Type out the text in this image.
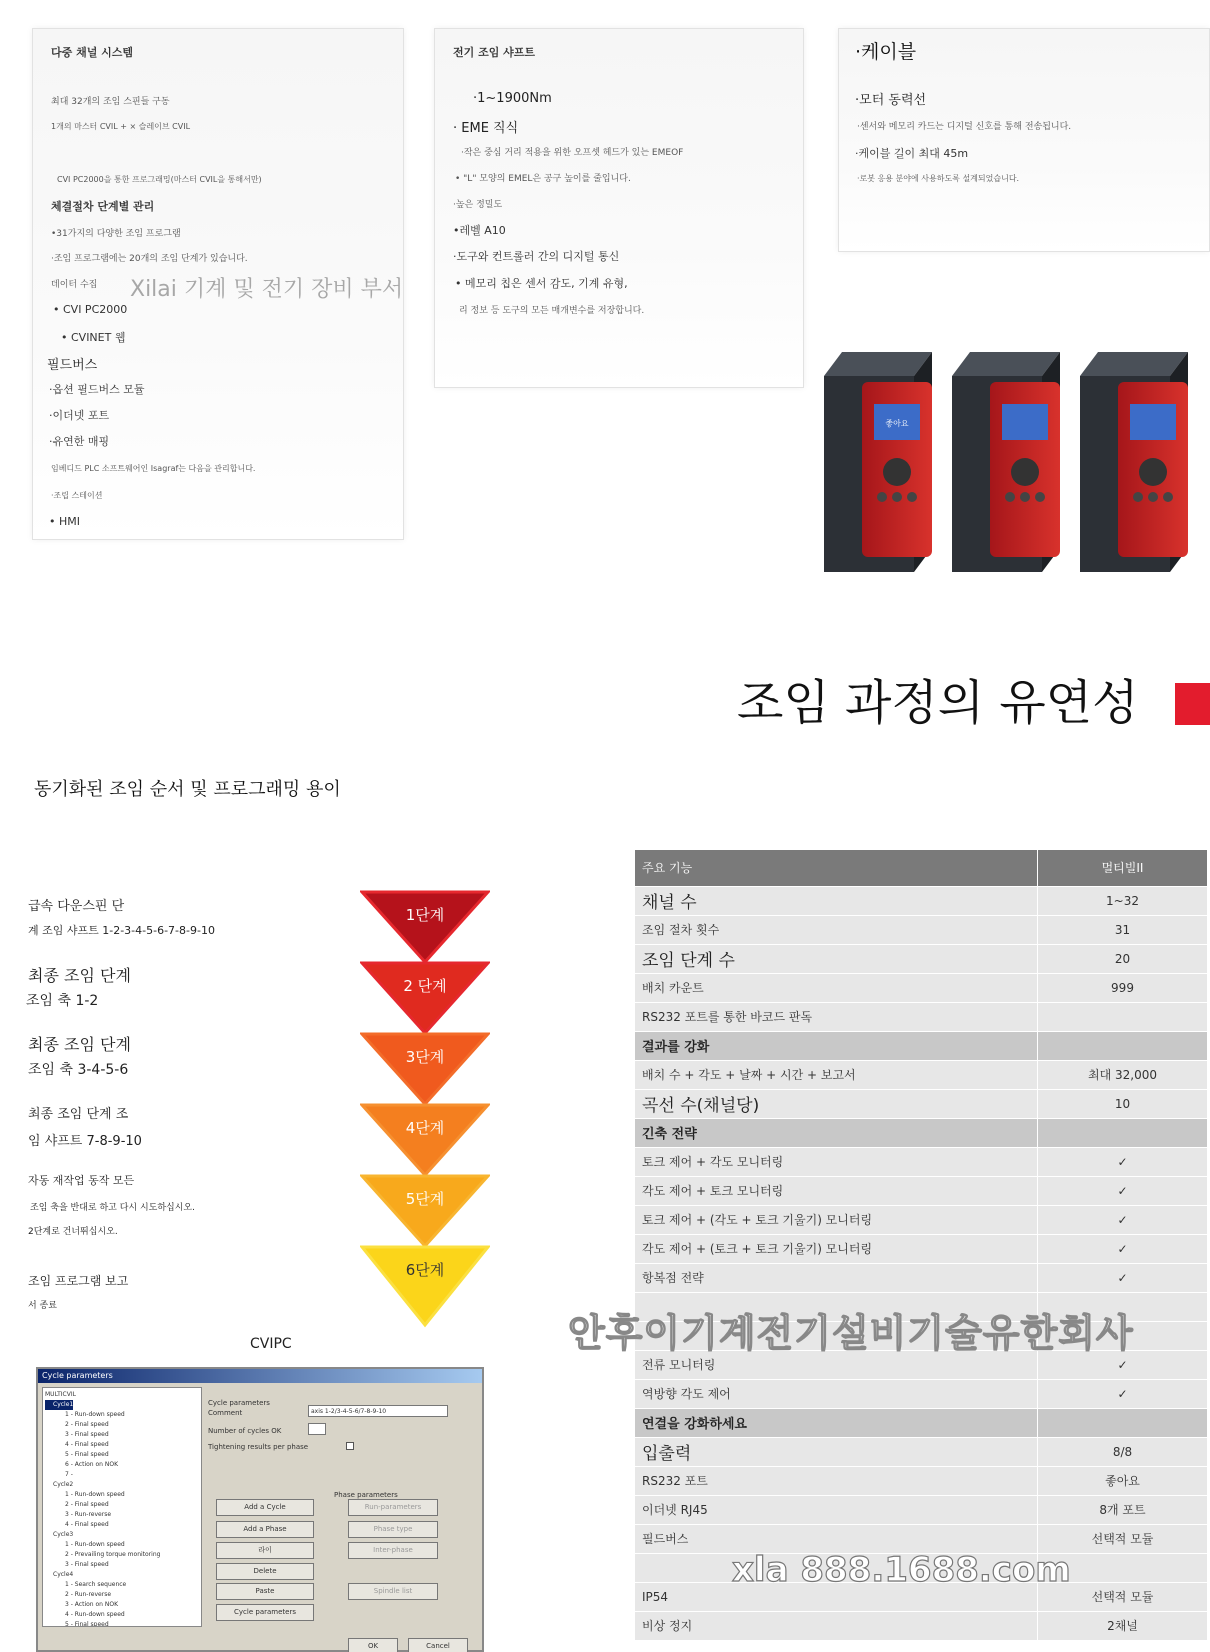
다중 채널 시스템
최대 32개의 조임 스핀들 구동
1개의 마스터 CVIL + × 슬레이브 CVIL
CVI PC2000을 통한 프로그래밍(마스터 CVIL을 통해서만)
체결절차 단계별 관리
•31가지의 다양한 조임 프로그램
·조임 프로그램에는 20개의 조임 단계가 있습니다.
데이터 수집
• CVI PC2000
• CVINET 웹
필드버스
·옵션 필드버스 모듈
·이더넷 포트
·유연한 매핑
임베디드 PLC 소프트웨어인 Isagraf는 다음을 관리합니다.
·조립 스테이션
• HMI
전기 조임 샤프트
·1~1900Nm
· EME 직식
·작은 중심 거리 적용을 위한 오프셋 헤드가 있는 EMEOF
• "L" 모양의 EMEL은 공구 높이를 줄입니다.
·높은 정밀도
•레벨 A10
·도구와 컨트롤러 간의 디지털 통신
• 메모리 칩은 센서 감도, 기계 유형,
리 정보 등 도구의 모든 매개변수를 저장합니다.
·케이블
·모터 동력선
·센서와 메모리 카드는 디지털 신호를 통해 전송됩니다.
·케이블 길이 최대 45m
·로봇 응용 분야에 사용하도록 설계되었습니다.
Xilai 기계 및 전기 장비 부서
좋아요
조임 과정의 유연성
동기화된 조임 순서 및 프로그래밍 용이
급속 다운스핀 단
계 조임 샤프트 1-2-3-4-5-6-7-8-9-10
최종 조임 단계
조임 축 1-2
최종 조임 단계
조임 축 3-4-5-6
최종 조임 단계 조
임 샤프트 7-8-9-10
자동 재작업 동작 모든
조임 축을 반대로 하고 다시 시도하십시오.
2단계로 건너뛰십시오.
조임 프로그램 보고
서 종료
1단계
2 단계
3단계
4단계
5단계
6단계
CVIPC
Cycle parameters
MULTICVIL
Cycle1
1 - Run-down speed
2 - Final speed
3 - Final speed
4 - Final speed
5 - Final speed
6 - Action on NOK
7 -
Cycle2
1 - Run-down speed
2 - Final speed
3 - Run-reverse
4 - Final speed
Cycle3
1 - Run-down speed
2 - Prevailing torque monitoring
3 - Final speed
Cycle4
1 - Search sequence
2 - Run-reverse
3 - Action on NOK
4 - Run-down speed
5 - Final speed
Cycle parameters
Comment	axis 1-2/3-4-5-6/7-8-9-10
Number of cycles OK
Tightening results per phase
Phase parameters
Add a Cycle
Add a Phase
라이
Delete
Paste
Cycle parameters
Run-parameters
Phase type
Inter-phase
Spindle list
OK	Cancel
주요 기능	멀티빌II
채널 수	1~32
조임 절차 횟수	31
조임 단계 수	20
배치 카운트	999
RS232 포트를 통한 바코드 판독	
결과를 강화	
배치 수 + 각도 + 날짜 + 시간 + 보고서	최대 32,000
곡선 수(채널당)	10
긴축 전략	
토크 제어 + 각도 모니터링	✓
각도 제어 + 토크 모니터링	✓
토크 제어 + (각도 + 토크 기울기) 모니터링	✓
각도 제어 + (토크 + 토크 기울기) 모니터링	✓
항복점 전략	✓

전류 모니터링	✓
역방향 각도 제어	✓
연결을 강화하세요	
입출력	8/8
RS232 포트	좋아요
이더넷 RJ45	8개 포트
필드버스	선택적 모듈

IP54	선택적 모듈
비상 정지	2채널
안후이기계전기설비기술유한회사
xla 888.1688.com
